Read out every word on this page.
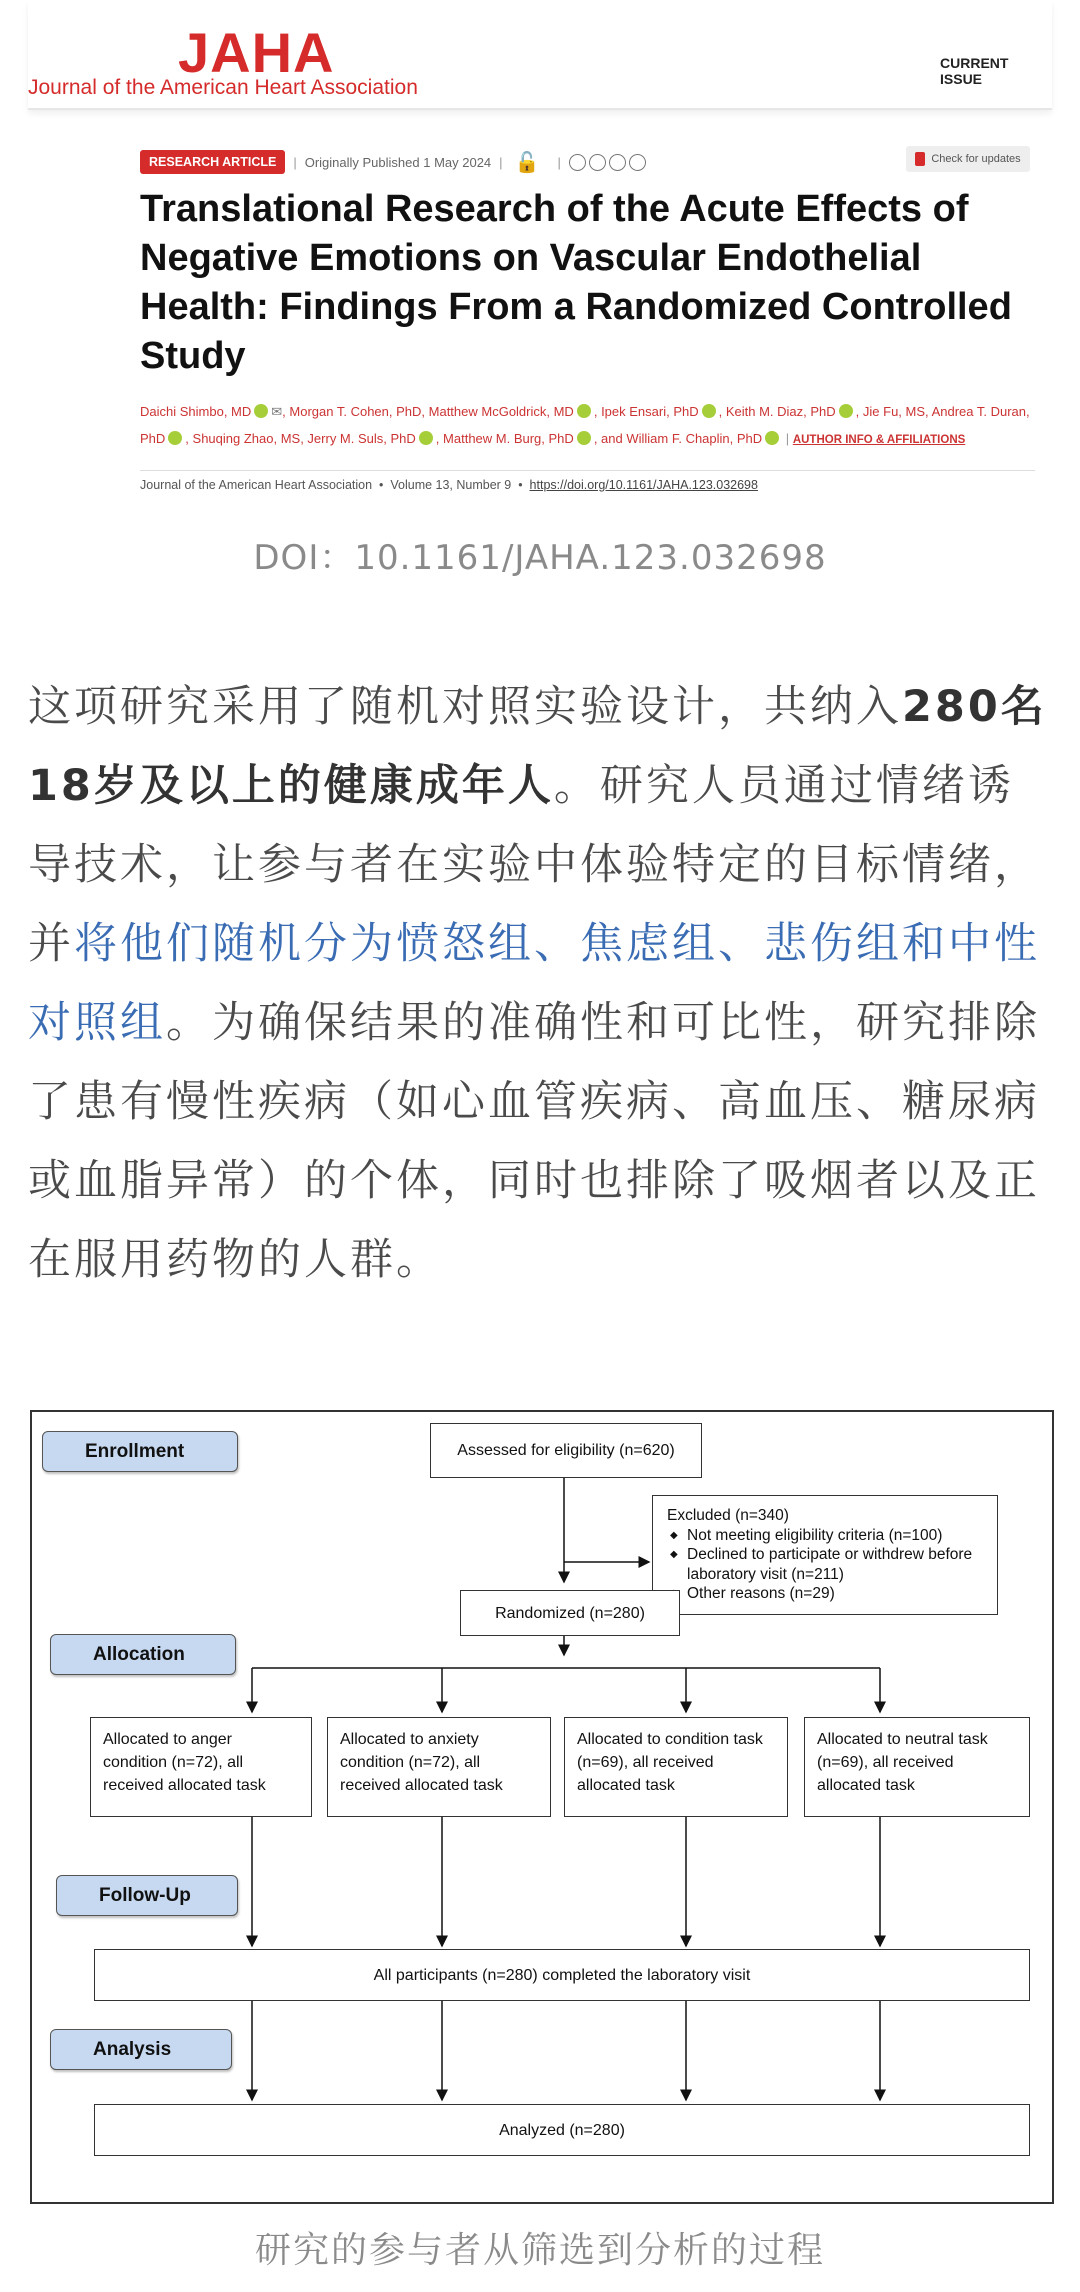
JAHA
Journal of the American Heart Association
CURRENT ISSUE
RESEARCH ARTICLE	| Originally Published 1 May 2024 | 🔓 |	Check for updates
Translational Research of the Acute Effects of Negative Emotions on Vascular Endothelial Health: Findings From a Randomized Controlled Study
Daichi Shimbo, MD ✉, Morgan T. Cohen, PhD, Matthew McGoldrick, MD , Ipek Ensari, PhD , Keith M. Diaz, PhD , Jie Fu, MS, Andrea T. Duran, PhD , Shuqing Zhao, MS, Jerry M. Suls, PhD , Matthew M. Burg, PhD , and William F. Chaplin, PhD | AUTHOR INFO & AFFILIATIONS
Journal of the American Heart Association  •  Volume 13, Number 9  •  https://doi.org/10.1161/JAHA.123.032698
DOI：10.1161/JAHA.123.032698
这项研究采用了随机对照实验设计，共纳入280名18岁及以上的健康成年人。研究人员通过情绪诱导技术，让参与者在实验中体验特定的目标情绪，并将他们随机分为愤怒组、焦虑组、悲伤组和中性对照组。为确保结果的准确性和可比性，研究排除了患有慢性疾病（如心血管疾病、高血压、糖尿病或血脂异常）的个体，同时也排除了吸烟者以及正在服用药物的人群。
Enrollment
Allocation
Follow-Up
Analysis
Assessed for eligibility (n=620)
Excluded (n=340)
◆ Not meeting eligibility criteria (n=100)
◆ Declined to participate or withdrew before laboratory visit (n=211)
◆ Other reasons (n=29)
Randomized (n=280)
Allocated to anger condition (n=72), all received allocated task
Allocated to anxiety condition (n=72), all received allocated task
Allocated to condition task (n=69), all received allocated task
Allocated to neutral task (n=69), all received allocated task
All participants (n=280) completed the laboratory visit
Analyzed (n=280)
研究的参与者从筛选到分析的过程
